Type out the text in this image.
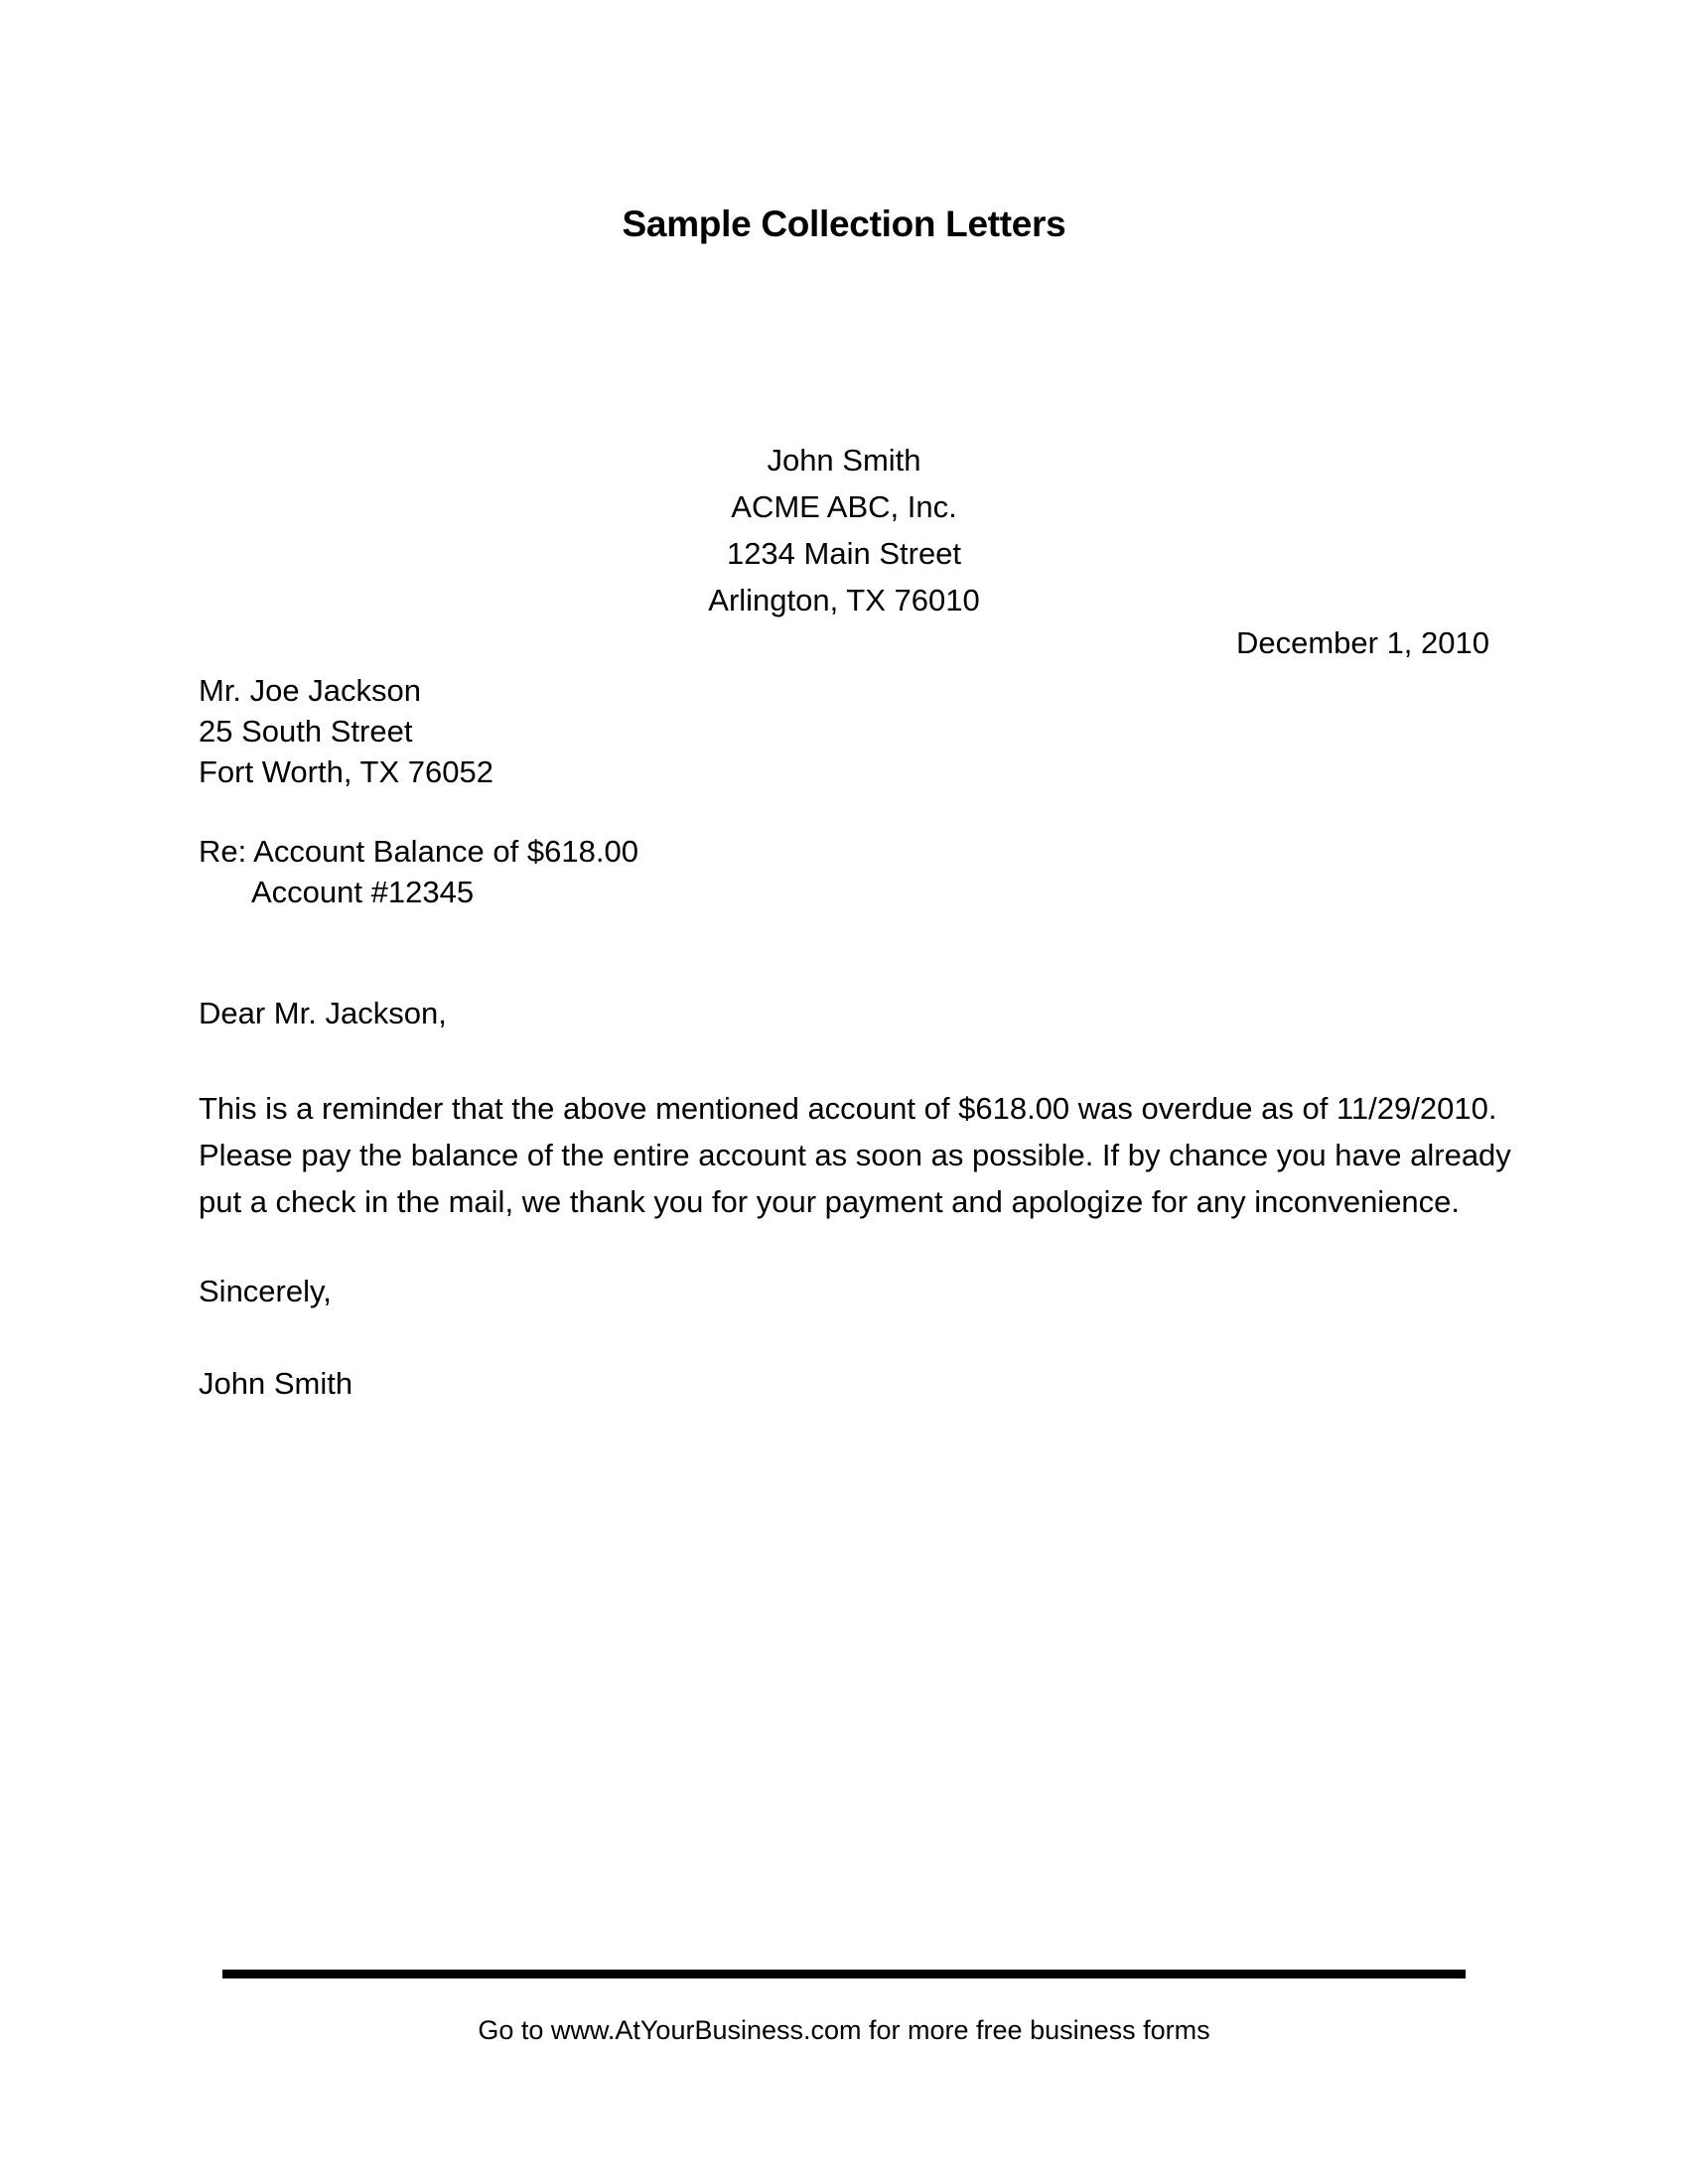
Sample Collection Letters
John Smith
ACME ABC, Inc.
1234 Main Street
Arlington, TX 76010
December 1, 2010
Mr. Joe Jackson
25 South Street
Fort Worth, TX 76052
Re: Account Balance of $618.00
Account #12345
Dear Mr. Jackson,
This is a reminder that the above mentioned account of $618.00 was overdue as of 11/29/2010.
Please pay the balance of the entire account as soon as possible. If by chance you have already
put a check in the mail, we thank you for your payment and apologize for any inconvenience.
Sincerely,
John Smith
Go to www.AtYourBusiness.com for more free business forms
